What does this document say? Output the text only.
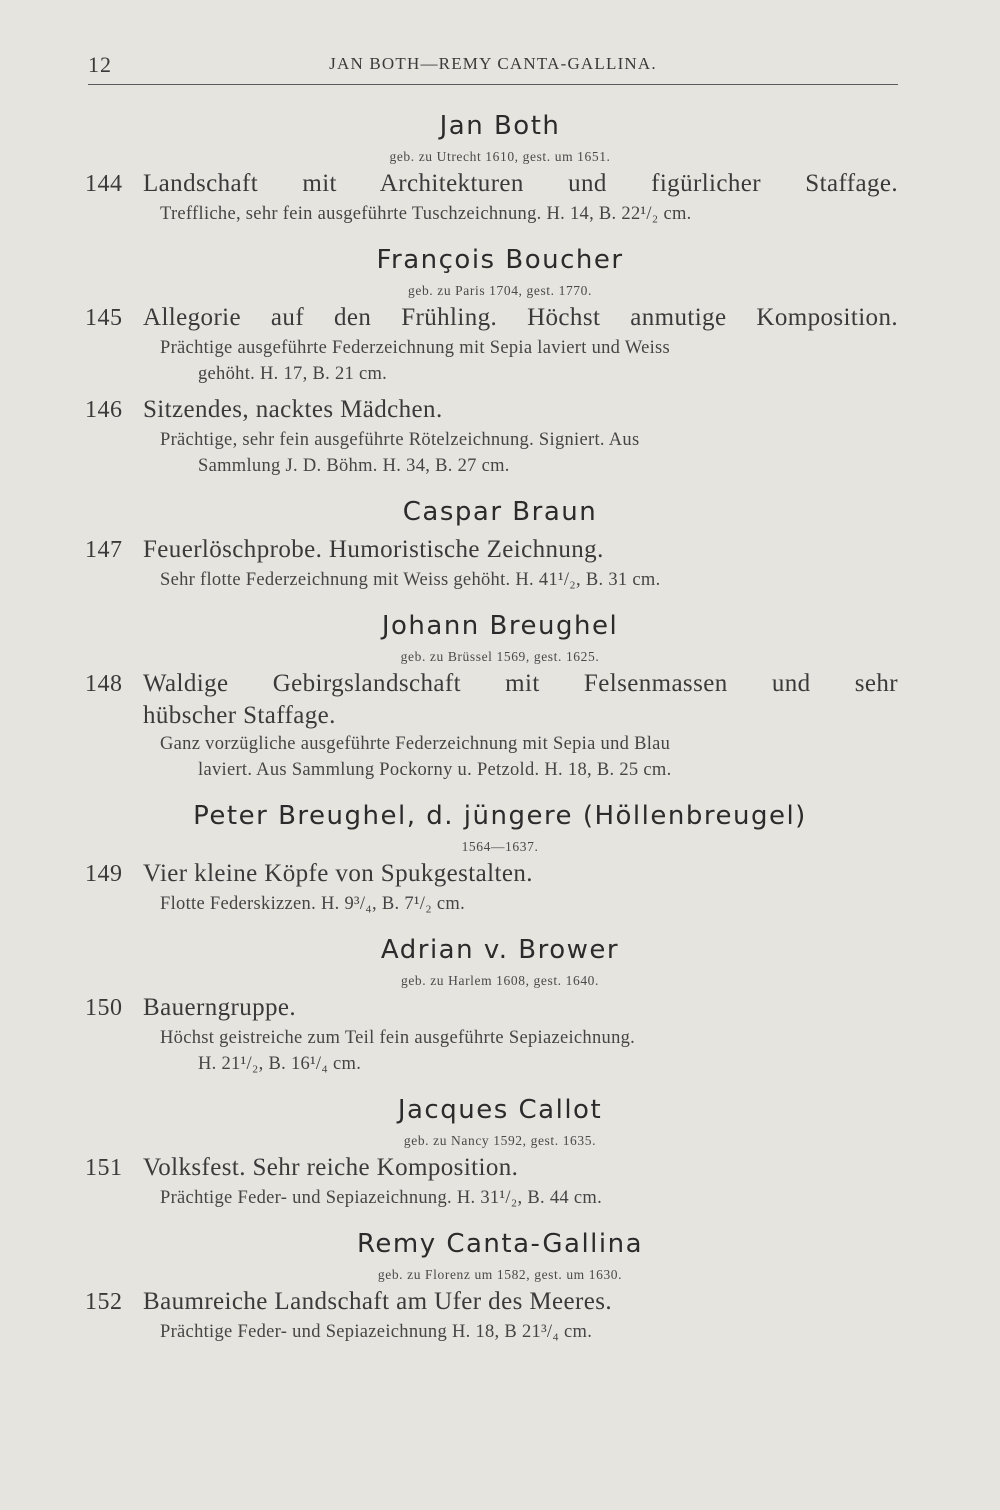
12	JAN BOTH—REMY CANTA-GALLINA.
Jan Both
geb. zu Utrecht 1610, gest. um 1651.
144 Landschaft mit Architekturen und figürlicher Staffage.
Treffliche, sehr fein ausgeführte Tuschzeichnung. H. 14, B. 22¹/₂ cm.
François Boucher
geb. zu Paris 1704, gest. 1770.
145 Allegorie auf den Frühling. Höchst anmutige Komposition.
Prächtige ausgeführte Federzeichnung mit Sepia laviert und Weiss
gehöht. H. 17, B. 21 cm.
146 Sitzendes, nacktes Mädchen.
Prächtige, sehr fein ausgeführte Rötelzeichnung. Signiert. Aus
Sammlung J. D. Böhm. H. 34, B. 27 cm.
Caspar Braun
147 Feuerlöschprobe. Humoristische Zeichnung.
Sehr flotte Federzeichnung mit Weiss gehöht. H. 41¹/₂, B. 31 cm.
Johann Breughel
geb. zu Brüssel 1569, gest. 1625.
148 Waldige Gebirgslandschaft mit Felsenmassen und sehr
hübscher Staffage.
Ganz vorzügliche ausgeführte Federzeichnung mit Sepia und Blau
laviert. Aus Sammlung Pockorny u. Petzold. H. 18, B. 25 cm.
Peter Breughel, d. jüngere (Höllenbreugel)
1564—1637.
149 Vier kleine Köpfe von Spukgestalten.
Flotte Federskizzen. H. 9³/₄, B. 7¹/₂ cm.
Adrian v. Brower
geb. zu Harlem 1608, gest. 1640.
150 Bauerngruppe.
Höchst geistreiche zum Teil fein ausgeführte Sepiazeichnung.
H. 21¹/₂, B. 16¹/₄ cm.
Jacques Callot
geb. zu Nancy 1592, gest. 1635.
151 Volksfest. Sehr reiche Komposition.
Prächtige Feder- und Sepiazeichnung. H. 31¹/₂, B. 44 cm.
Remy Canta-Gallina
geb. zu Florenz um 1582, gest. um 1630.
152 Baumreiche Landschaft am Ufer des Meeres.
Prächtige Feder- und Sepiazeichnung H. 18, B 21³/₄ cm.
